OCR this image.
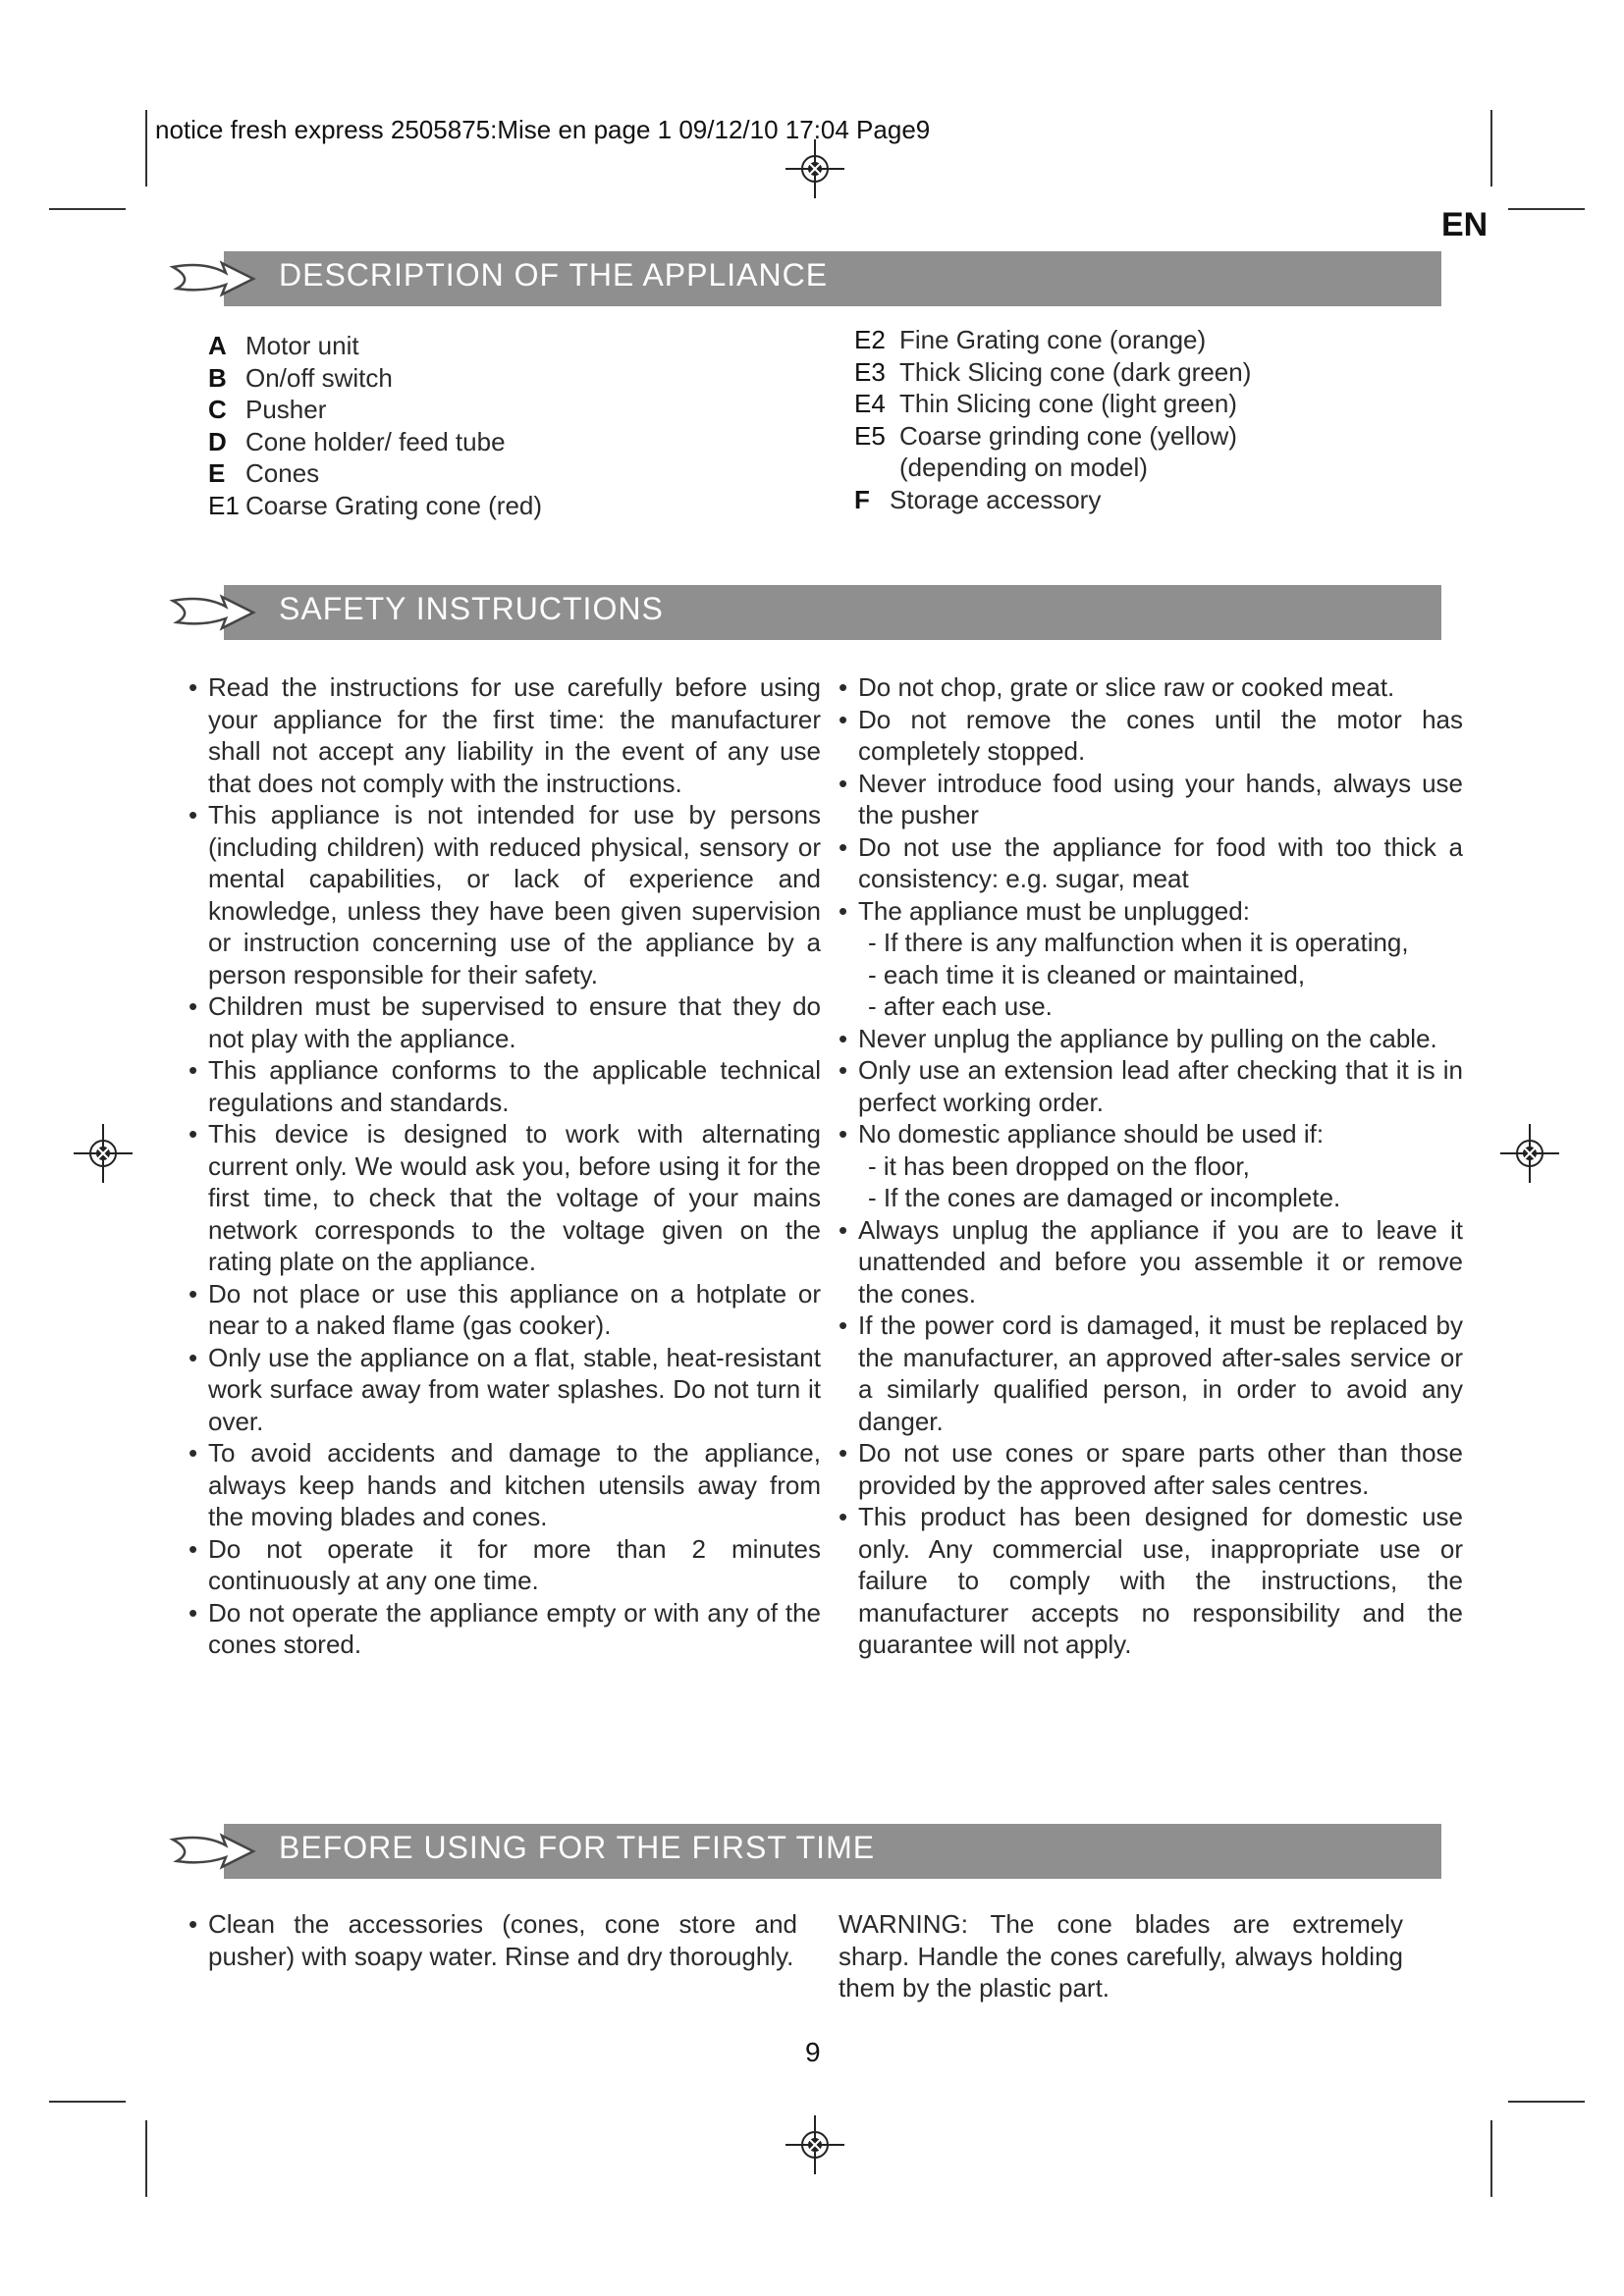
notice fresh express 2505875:Mise en page 1 09/12/10 17:04 Page9
EN
DESCRIPTION OF THE APPLIANCE
A Motor unit
B On/off switch
C Pusher
D Cone holder/ feed tube
E Cones
E1 Coarse Grating cone (red)
E2 Fine Grating cone (orange)
E3 Thick Slicing cone (dark green)
E4 Thin Slicing cone (light green)
E5 Coarse grinding cone (yellow)
(depending on model)
F Storage accessory
SAFETY INSTRUCTIONS

• Read the instructions for use carefully before using your appliance for the first time: the manufacturer shall not accept any liability in the event of any use that does not comply with the instructions.

• This appliance is not intended for use by persons (including children) with reduced physical, sensory or mental capabilities, or lack of experience and knowledge, unless they have been given supervision or instruction concerning use of the appliance by a person responsible for their safety.

• Children must be supervised to ensure that they do not play with the appliance.

• This appliance conforms to the applicable technical regulations and standards.

• This device is designed to work with alternating current only. We would ask you, before using it for the first time, to check that the voltage of your mains network corresponds to the voltage given on the rating plate on the appliance.

• Do not place or use this appliance on a hotplate or near to a naked flame (gas cooker).

• Only use the appliance on a flat, stable, heat-resistant work surface away from water splashes. Do not turn it over.

• To avoid accidents and damage to the appliance, always keep hands and kitchen utensils away from the moving blades and cones.

• Do not operate it for more than 2 minutes continuously at any one time.

• Do not operate the appliance empty or with any of the cones stored.

• Do not chop, grate or slice raw or cooked meat.

• Do not remove the cones until the motor has completely stopped.

• Never introduce food using your hands, always use the pusher

• Do not use the appliance for food with too thick a consistency: e.g. sugar, meat

• The appliance must be unplugged:

- If there is any malfunction when it is operating,
- each time it is cleaned or maintained,
- after each use.

• Never unplug the appliance by pulling on the cable.

• Only use an extension lead after checking that it is in perfect working order.

• No domestic appliance should be used if:

- it has been dropped on the floor,
- If the cones are damaged or incomplete.

• Always unplug the appliance if you are to leave it unattended and before you assemble it or remove the cones.

• If the power cord is damaged, it must be replaced by the manufacturer, an approved after-sales service or a similarly qualified person, in order to avoid any danger.

• Do not use cones or spare parts other than those provided by the approved after sales centres.

• This product has been designed for domestic use only. Any commercial use, inappropriate use or failure to comply with the instructions, the manufacturer accepts no responsibility and the guarantee will not apply.

BEFORE USING FOR THE FIRST TIME

• Clean the accessories (cones, cone store and pusher) with soapy water. Rinse and dry thoroughly.

WARNING: The cone blades are extremely sharp. Handle the cones carefully, always holding them by the plastic part.

9
